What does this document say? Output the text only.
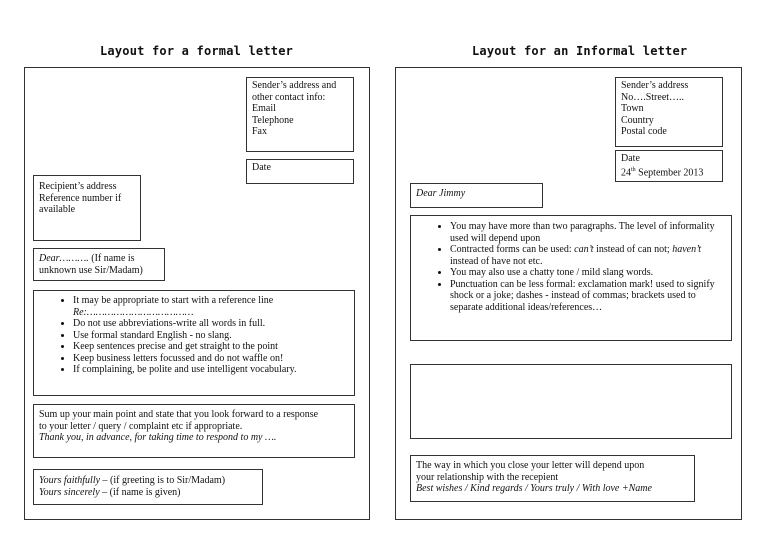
Layout for a formal letter	Layout for an Informal letter
Sender’s address and
other contact info:
Email
Telephone
Fax
Date
Recipient’s address
Reference number if
available
Dear………. (If name is
unknown use Sir/Madam)
• It may be appropriate to start with a reference line
Re:………………………………
• Do not use abbreviations-write all words in full.
• Use formal standard English - no slang.
• Keep sentences precise and get straight to the point
• Keep business letters focussed and do not waffle on!
• If complaining, be polite and use intelligent vocabulary.
Sum up your main point and state that you look forward to a response
to your letter / query / complaint etc if appropriate.
Thank you, in advance, for taking time to respond to my ….
Yours faithfully – (if greeting is to Sir/Madam)
Yours sincerely – (if name is given)
Sender’s address
No….Street…..
Town
Country
Postal code
Date
24th September 2013
Dear Jimmy
• You may have more than two paragraphs. The level of informality used will depend upon
• Contracted forms can be used: can’t instead of can not; haven’t instead of have not etc.
• You may also use a chatty tone / mild slang words.
• Punctuation can be less formal: exclamation mark! used to signify shock or a joke; dashes - instead of commas; brackets used to separate additional ideas/references…
The way in which you close your letter will depend upon
your relationship with the recepient
Best wishes / Kind regards / Yours truly / With love +Name
